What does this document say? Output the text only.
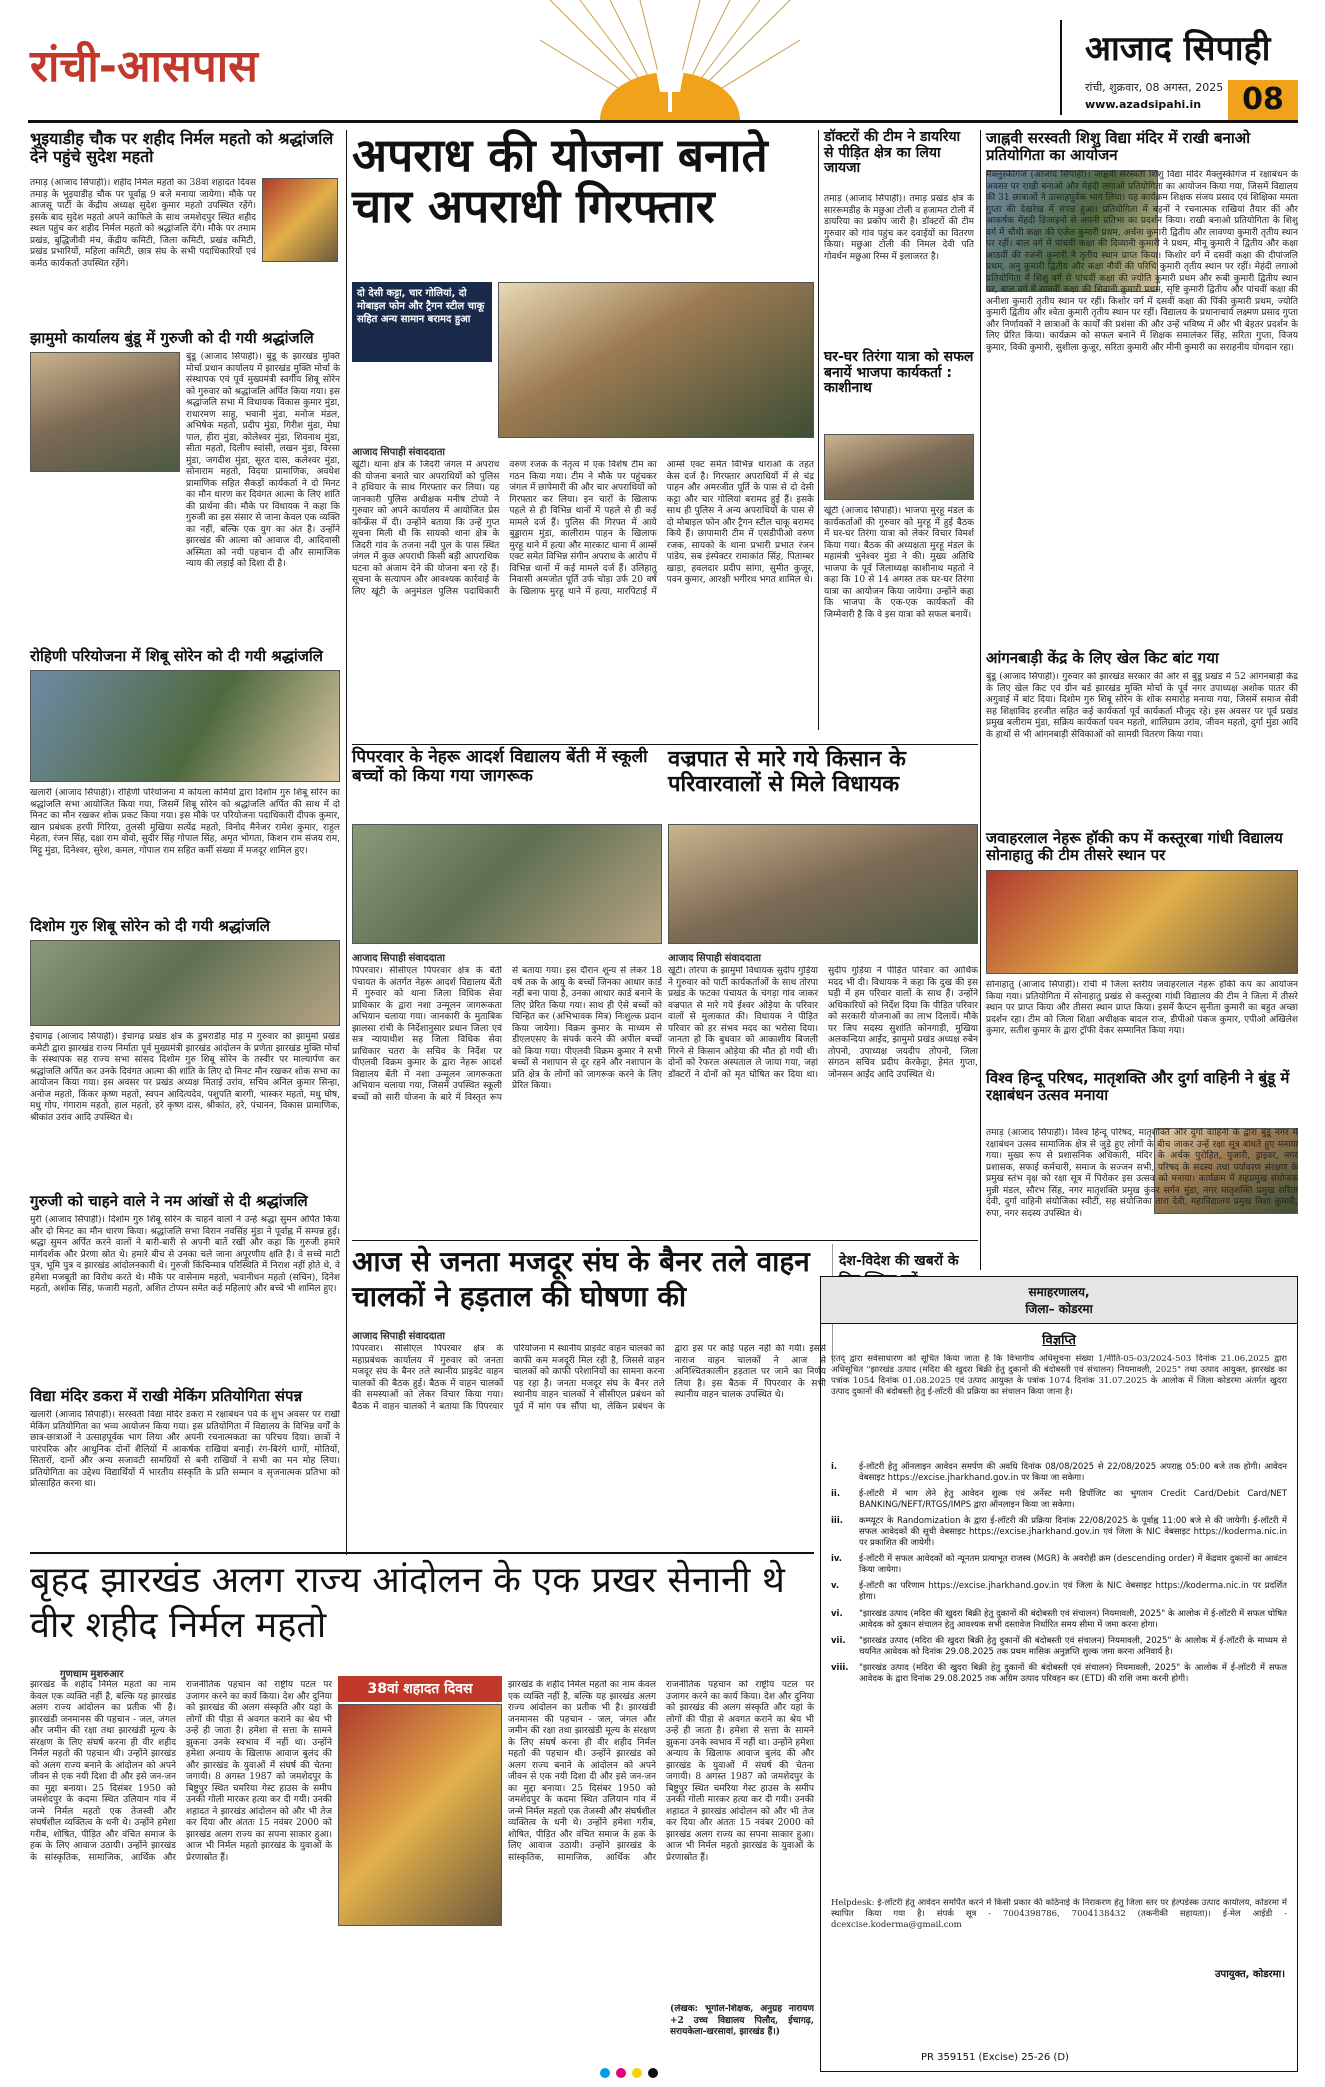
रांची-आसपास	आजाद सिपाही
रांची, शुक्रवार, 08 अगस्त, 2025
www.azadsipahi.in	08
भुइयाडीह चौक पर शहीद निर्मल महतो को श्रद्धांजलि देने पहुंचे सुदेश महतो
तमाड़ (आजाद सिपाही)। शहीद निर्मल महतो का 38वां शहादत दिवस तमाड़ के भुइयाडीह चौक पर पूर्वाह्न 9 बजे मनाया जायेगा। मौके पर आजसू पार्टी के केंद्रीय अध्यक्ष सुदेश कुमार महतो उपस्थित रहेंगे। इसके बाद सुदेश महतो अपने काफिले के साथ जमशेदपुर स्थित शहीद स्थल पहुंच कर शहीद निर्मल महतो को श्रद्धांजलि देंगे। मौके पर तमाम प्रखंड, बुद्धिजीवी मंच, केंद्रीय कमिटी, जिला कमिटी, प्रखंड कमिटी, प्रखंड प्रभारियों, महिला कमिटी, छात्र संघ के सभी पदाधिकारियों एवं कर्मठ कार्यकर्ता उपस्थित रहेंगे।
झामुमो कार्यालय बुंडू में गुरुजी को दी गयी श्रद्धांजलि
बुंडू (आजाद सिपाही)। बुंडू के झारखंड मुक्ति मोर्चा प्रधान कार्यालय में झारखंड मुक्ति मोर्चा के संस्थापक एवं पूर्व मुख्यमंत्री स्वर्गीय शिबू सोरेन को गुरुवार को श्रद्धांजलि अर्पित किया गया। इस श्रद्धांजलि सभा में विधायक विकास कुमार मुंडा, राधारमण साहू, भवानी मुंडा, मनोज मंडल, अभिषेक महतो, प्रदीप मुंडा, गिरीश मुंडा, मेघा पाल, हीरा मुंडा, कोलेश्वर मुंडा, शिवनाथ मुंडा, सीता महतो, दिलीप स्वांसी, लखन मुंडा, विरसा मुंडा, जगदीश मुंडा, सूरत दास, कलेश्वर मुंडा, सोनाराम महतो, विदया प्रामाणिक, अवधेश प्रामाणिक सहित सैकड़ों कार्यकर्ता ने दो मिनट का मौन धारण कर दिवंगत आत्मा के लिए शांति की प्रार्थना की। मौके पर विधायक ने कहा कि गुरुजी का इस संसार से जाना केवल एक व्यक्ति का नहीं, बल्कि एक युग का अंत है। उन्होंने झारखंड की आत्मा को आवाज दी, आदिवासी अस्मिता को नयी पहचान दी और सामाजिक न्याय की लड़ाई को दिशा दी है।
रोहिणी परियोजना में शिबू सोरेन को दी गयी श्रद्धांजलि
खलारी (आजाद सिपाही)। रोहिणी परियोजना में कोयला कर्मियों द्वारा दिशोम गुरु शिबू सोरेन का श्रद्धांजलि सभा आयोजित किया गया, जिसमें शिबू सोरेन को श्रद्धांजलि अर्पित की साथ में दो मिनट का मौन रखकर शोक प्रकट किया गया। इस मौके पर परियोजना पदाधिकारी दीपक कुमार, खान प्रबंधक हरपी गिरिया, तुलसी मुखिया सत्येंद्र महतो, विनोद मैनेजर रामेश कुमार, राहुल मेहता, रंजन सिंह, दक्षा राम वोवो, सुदीर सिंह गोपाल सिंह, अमृत भोगता, किशन राम संजय राम, मिट्टू मुंडा, दिनेश्वर, सुरेश, कमल, गोपाल राम सहित कर्मी संख्या में मजदूर शामिल हुए।
दिशोम गुरु शिबू सोरेन को दी गयी श्रद्धांजलि
ईचागढ़ (आजाद सिपाही)। ईचागढ़ प्रखंड क्षेत्र के डुमराडीह मोड़ में गुरुवार को झामुमो प्रखंड कमेटी द्वारा झारखंड राज्य निर्माता पूर्व मुख्यमंत्री झारखंड आंदोलन के प्रणेता झारखंड मुक्ति मोर्चा के संस्थापक सह राज्य सभा सांसद दिशोम गुरु शिबू सोरेन के तस्वीर पर माल्यार्पण कर श्रद्धांजलि अर्पित कर उनके दिवंगत आत्मा की शांति के लिए दो मिनट मौन रखकर शोक सभा का आयोजन किया गया। इस अवसर पर प्रखंड अध्यक्ष मिताई उरांव, सचिव अनिल कुमार सिन्हा, अनोज महतो, किंकर कृष्ण महतो, स्वपन आदित्यदेव, पशुपति बारगी, भास्कर महतो, मधु घोष, मधु गोप, गंगाराम महतो, हाल महतो, हरे कृष्ण दास, श्रीकांत, हरे, पंचानन, विकास प्रामाणिक, श्रीकांत उरांव आदि उपस्थित थे।
गुरुजी को चाहने वाले ने नम आंखों से दी श्रद्धांजलि
मुरी (आजाद सिपाही)। दिशोम गुरु शिबू सोरेन के चाहने वालों ने उन्हें श्रद्धा सुमन अर्पित किया और दो मिनट का मौन धारण किया। श्रद्धांजलि सभा विरान नवसिंह मुंडा ने पूर्वाह्न में सम्पन्न हुई। श्रद्धा सुमन अर्पित करने वालों ने बारी-बारी से अपनी बातें रखीं और कहा कि गुरुजी हमारे मार्गदर्शक और प्रेरणा स्रोत थे। हमारे बीच से उनका चले जाना अपूरणीय क्षति है। वे सच्चे माटी पुत्र, भूमि पुत्र व झारखंड आंदोलनकारी थे। गुरुजी किंचिन्मात्र परिस्थिति में निराश नहीं होते थे, वे हमेशा मजबूती का विरोध करते थे। मौके पर वासेनाम महतो, भवानीधन महतो (सचिन), दिनेश महतो, अशोक सिंह, फजारी महतो, अशित टोप्पन समेत कई महिलाएं और बच्चे भी शामिल हुए।
विद्या मंदिर डकरा में राखी मेकिंग प्रतियोगिता संपन्न
खलारी (आजाद सिपाही)। सरस्वती विद्या मंदिर डकरा में रक्षाबंधन पर्व के शुभ अवसर पर राखी मेकिंग प्रतियोगिता का भव्य आयोजन किया गया। इस प्रतियोगिता में विद्यालय के विभिन्न वर्गों के छात्र-छात्राओं ने उत्साहपूर्वक भाग लिया और अपनी रचनात्मकता का परिचय दिया। छात्रों ने पारंपरिक और आधुनिक दोनों शैलियों में आकर्षक राखियां बनाईं। रंग-बिरंगे धागों, मोतियों, सितारों, दानों और अन्य सजावटी सामग्रियों से बनी राखियों ने सभी का मन मोह लिया। प्रतियोगिता का उद्देश्य विद्यार्थियों में भारतीय संस्कृति के प्रति सम्मान व सृजनात्मक प्रतिभा को प्रोत्साहित करना था।
अपराध की योजना बनाते चार अपराधी गिरफ्तार
दो देसी कट्टा, चार गोलियां, दो मोबाइल फोन और ट्रैगन स्टील चाकू सहित अन्य सामान बरामद हुआ
आजाद सिपाही संवाददाता
खूंटी। थाना क्षेत्र के जिदरी जंगल में अपराध की योजना बनाते चार अपराधियों को पुलिस ने हथियार के साथ गिरफ्तार कर लिया। यह जानकारी पुलिस अधीक्षक मनीष टोप्पो ने गुरुवार को अपने कार्यालय में आयोजित प्रेस कॉन्फ्रेंस में दी। उन्होंने बताया कि उन्हें गुप्त सूचना मिली थी कि सायको थाना क्षेत्र के जिदरी गांव के तजना नदी पुल के पास स्थित जंगल में कुछ अपराधी किसी बड़ी आपराधिक घटना को अंजाम देने की योजना बना रहे हैं। सूचना के सत्यापन और आवश्यक कार्रवाई के लिए खूंटी के अनुमंडल पुलिस पदाधिकारी वरुण रजक के नेतृत्व में एक विशेष टीम का गठन किया गया। टीम ने मौके पर पहुंचकर जंगल में छापेमारी की और चार अपराधियों को गिरफ्तार कर लिया। इन चारों के खिलाफ पहले से ही विभिन्न थानों में पहले से ही कई मामले दर्ज हैं। पुलिस की गिरफ्त में आये बुड्डाराम मुंडा, कालीराम पाहन के खिलाफ मुरहू थाने में हत्या और मारकाट थाना में आर्म्स एक्ट समेत विभिन्न संगीन अपराध के आरोप में विभिन्न थानों में कई मामले दर्ज हैं। उलिहातु निवासी अमजोत पूर्ति उर्फ चोड़ा उर्फ 20 वर्ष के खिलाफ मुरहू थाने में हत्या, मारपिटाई में आर्म्स एक्ट समेत विभिन्न धाराओं के तहत केस दर्ज है। गिरफ्तार अपराधियों में से चंद्र पाहन और अमरजीत पूर्ति के पास से दो देसी कट्टा और चार गोलियां बरामद हुई हैं। इसके साथ ही पुलिस ने अन्य अपराधियों के पास से दो मोबाइल फोन और ट्रैगन स्टील चाकू बरामद किये हैं। छापामारी टीम में एसडीपीओ वरुण रजक, सायको के थाना प्रभारी प्रभात रंजन पांडेय, सब इंस्पेक्टर रामाकांत सिंह, पिताम्बर खाड़ा, हवलदार प्रदीप सांगा, सुमीत कुजूर, पवन कुमार, आरक्षी भगीरथ भगत शामिल थे।
डॉक्टरों की टीम ने डायरिया से पीड़ित क्षेत्र का लिया जायजा
तमाड़ (आजाद सिपाही)। तमाड़ प्रखंड क्षेत्र के साररूमडीह के मछुआ टोली व हजामत टोली में डायरिया का प्रकोप जारी है। डॉक्टरों की टीम गुरुवार को गांव पहुंच कर दवाईयों का वितरण किया। मछुआ टोली की निमल देवी पति गोवर्धन मछुआ रिम्स में इलाजरत है।
घर-घर तिरंगा यात्रा को सफल बनायें भाजपा कार्यकर्ता : काशीनाथ
खूंटी (आजाद सिपाही)। भाजपा मुरहू मंडल के कार्यकर्ताओं की गुरुवार को मुरहू में हुई बैठक में घर-घर तिरंगा यात्रा को लेकर विचार विमर्श किया गया। बैठक की अध्यक्षता मुरहू मंडल के महामंत्री भुनेश्वर मुंडा ने की। मुख्य अतिथि भाजपा के पूर्व जिलाध्यक्ष काशीनाथ महतो ने कहा कि 10 से 14 अगस्त तक घर-घर तिरंगा यात्रा का आयोजन किया जायेगा। उन्होंने कहा कि भाजपा के एक-एक कार्यकर्ता की जिम्मेवारी है कि वे इस यात्रा को सफल बनायें।
जाह्नवी सरस्वती शिशु विद्या मंदिर में राखी बनाओ प्रतियोगिता का आयोजन
मैक्लुस्कीगंज (आजाद सिपाही)। जाह्नवी सरस्वती शिशु विद्या मंदिर मैक्लुस्कीगंज में रक्षाबंधन के अवसर पर राखी बनाओ और मेहंदी लगाओ प्रतियोगिता का आयोजन किया गया, जिसमें विद्यालय की 31 छात्राओं ने उत्साहपूर्वक भाग लिया। यह कार्यक्रम शिक्षक संजय प्रसाद एवं शिक्षिका ममता गुप्ता की देखरेख में संपन्न हुआ। प्रतियोगिता में बहनों ने रचनात्मक राखियां तैयार कीं और आकर्षक मेंहदी डिजाइनों से अपनी प्रतिभा का प्रदर्शन किया। राखी बनाओ प्रतियोगिता के शिशु वर्ग में चौथी कक्षा की एंजेल कुमारी प्रथम, अर्चना कुमारी द्वितीय और लावण्या कुमारी तृतीय स्थान पर रहीं। बाल वर्ग में पांचवीं कक्षा की दिव्यानी कुमारी ने प्रथम, मीनू कुमारी ने द्वितीय और कक्षा आठवीं की रजनी कुमारी ने तृतीय स्थान प्राप्त किया। किशोर वर्ग में दसवीं कक्षा की दीपांजलि प्रथम, अनु कुमारी द्वितीय और कक्षा नौवीं की परिधि कुमारी तृतीय स्थान पर रहीं। मेहंदी लगाओ प्रतियोगिता में शिशु वर्ग से पांचवीं कक्षा की ज्योति कुमारी प्रथम और रूबी कुमारी द्वितीय स्थान पर, बाल वर्ग में सातवीं कक्षा की शिवानी कुमारी प्रथम, सृष्टि कुमारी द्वितीय और पांचवीं कक्षा की अनीशा कुमारी तृतीय स्थान पर रहीं। किशोर वर्ग में दसवीं कक्षा की पिंकी कुमारी प्रथम, ज्योति कुमारी द्वितीय और श्वेता कुमारी तृतीय स्थान पर रहीं। विद्यालय के प्रधानाचार्य लक्ष्मण प्रसाद गुप्ता और निर्णायकों ने छात्राओं के कार्यों की प्रशंसा की और उन्हें भविष्य में और भी बेहतर प्रदर्शन के लिए प्रेरित किया। कार्यक्रम को सफल बनाने में शिक्षक समालंकर सिंह, सरिता गुप्ता, विजय कुमार, विकी कुमारी, सुशीला कुजूर, सरिता कुमारी और मीनी कुमारी का सराहनीय योगदान रहा।
आंगनबाड़ी केंद्र के लिए खेल किट बांट गया
बुंडू (आजाद सिपाही)। गुरुवार को झारखंड सरकार की ओर से बुंडू प्रखंड में 52 आंगनबाड़ी केंद्र के लिए खेल किट एवं ग्रीन बर्ड झारखंड मुक्ति मोर्चा के पूर्व नगर उपाध्यक्ष अशोक पातर की अगुवाई में बांट दिया। दिशोम गुरु शिबू सोरेन के शोक समारोह मनाया गया, जिसमें समाज सेवी सह शिक्षाविद हरजीत सहित कई कार्यकर्ता पूर्व कार्यकर्ता मौजूद रहे। इस अवसर पर पूर्व प्रखंड प्रमुख बलीराम मुंडा, सक्रिय कार्यकर्ता पवन महतो, शालिग्राम उरांव, जीवन महतो, दुर्गा मुंडा आदि के हाथों से भी आंगनबाड़ी सेविकाओं को सामग्री वितरण किया गया।
जवाहरलाल नेहरू हॉकी कप में कस्तूरबा गांधी विद्यालय सोनाहातु की टीम तीसरे स्थान पर
सोनाहातु (आजाद सिपाही)। रांची में जिला स्तरीय जवाहरलाल नेहरू हॉकी कप का आयोजन किया गया। प्रतियोगिता में सोनाहातु प्रखंड से कस्तूरबा गांधी विद्यालय की टीम ने जिला में तीसरे स्थान पर प्राप्त किया और तीसरा स्थान प्राप्त किया। इसमें कैप्टन सुनीता कुमारी का बहुत अच्छा प्रदर्शन रहा। टीम को जिला शिक्षा अधीक्षक बादल राज, डीपीओ पंकज कुमार, एपीओ अखिलेश कुमार, सतीश कुमार के द्वारा ट्रॉफी देकर सम्मानित किया गया।
विश्व हिन्दू परिषद, मातृशक्ति और दुर्गा वाहिनी ने बुंडू में रक्षाबंधन उत्सव मनाया
तमाड़ (आजाद सिपाही)। विश्व हिन्दू परिषद, मातृशक्ति और दुर्गा वाहिनी के द्वारा बुंडू नगर में रक्षाबंधन उत्सव सामाजिक क्षेत्र से जुड़े हुए लोगों के बीच जाकर उन्हें रक्षा सूत्र बांधते हुए मनाया गया। मुख्य रूप से प्रशासनिक अधिकारी, मंदिर के अर्चक पुरोहित, पुजारी, ड्राइवर, नगर प्रशासक, सफाई कर्मचारी, समाज के सज्जन सभी, परिषद के सदस्य तथा पर्यावरण संरक्षण के प्रमुख स्तंभ वृक्ष को रक्षा सूत्र में पिरोकर इस उत्सव को मनाया। कार्यक्रम में सहप्रमुख संयोजक मुन्नी मंडल, सौरभ सिंह, नगर मातृशक्ति प्रमुख कुंवर सर्गन मुंडा, नगर मातृशक्ति प्रमुख सरिता देवी, दुर्गा वाहिनी संयोजिका स्वीटी, सह संयोजिका तारा देवी, महाविद्यालय प्रमुख निशा कुमारी, रुपा, नगर सदस्य उपस्थित थे।
पिपरवार के नेहरू आदर्श विद्यालय बेंती में स्कूली बच्चों को किया गया जागरूक
आजाद सिपाही संवाददाता
पिपरवार। सीसीएल पिपरवार क्षेत्र के बेंती पंचायत के अंतर्गत नेहरू आदर्श विद्यालय बेंती में गुरुवार को थाना जिला विधिक सेवा प्राधिकार के द्वारा नशा उन्मूलन जागरूकता अभियान चलाया गया। जानकारी के मुताबिक झालसा रांची के निर्देशानुसार प्रधान जिला एवं सत्र न्यायाधीश सह जिला विधिक सेवा प्राधिकार चतरा के सचिव के निर्देश पर पीएलवी विक्रम कुमार के द्वारा नेहरू आदर्श विद्यालय बेंती में नशा उन्मूलन जागरूकता अभियान चलाया गया, जिसमें उपस्थित स्कूली बच्चों को सारी योजना के बारे में विस्तृत रूप से बताया गया। इस दौरान शून्य से लेकर 18 वर्ष तक के आयु के बच्चों जिनका आधार कार्ड नहीं बना पाया है, उनका आधार कार्ड बनाने के लिए प्रेरित किया गया। साथ ही ऐसे बच्चों को चिन्हित कर (अभिभावक मित्र) निःशुल्क प्रदान किया जायेगा। विक्रम कुमार के माध्यम से डीएलएसए के संपर्क करने की अपील बच्चों को किया गया। पीएलवी विक्रम कुमार ने सभी बच्चों से नशापान से दूर रहने और नशापान के प्रति क्षेत्र के लोगों को जागरूक करने के लिए प्रेरित किया।
वज्रपात से मारे गये किसान के परिवारवालों से मिले विधायक
आजाद सिपाही संवाददाता
खूंटी। तोरपा के झामुमो विधायक सुदीप गुड़िया ने गुरुवार को पार्टी कार्यकर्ताओं के साथ तोरपा प्रखंड के फटका पंचायत के चंगड़ा गांव जाकर वज्रपात से मारे गये ईश्वर ओड़ेया के परिवार वालों से मुलाकात की। विधायक ने पीड़ित परिवार को हर संभव मदद का भरोसा दिया। जानता हो कि बुधवार को आकाशीय बिजली गिरने से किसान ओड़ेया की मौत हो गयी थी। दोनों को रेफरल अस्पताल ले जाया गया, जहां डॉक्टरों ने दोनों को मृत घोषित कर दिया था। सुदीप गुड़िया ने पीड़ित परिवार को आर्थिक मदद भी दी। विधायक ने कहा कि दुख की इस घड़ी में हम परिवार वालों के साथ हैं। उन्होंने अधिकारियों को निर्देश दिया कि पीड़ित परिवार को सरकारी योजनाओं का लाभ दिलायें। मौके पर जिप सदस्य सुशांति कोनगाड़ी, मुखिया अलकन्दिया आईंद, झामुमो प्रखंड अध्यक्ष रुबेन तोपनो, उपाध्यक्ष जयदीप तोपनो, जिला संगठन सचिव प्रदीप केरकेट्टा, हेमंत गुप्ता, जोनसन आईंद आदि उपस्थित थे।
आज से जनता मजदूर संघ के बैनर तले वाहन चालकों ने हड़ताल की घोषणा की
आजाद सिपाही संवाददाता
पिपरवार। सीसीएल पिपरवार क्षेत्र के महाप्रबंधक कार्यालय में गुरुवार को जनता मजदूर संघ के बैनर तले स्थानीय प्राइवेट वाहन चालकों की बैठक हुई। बैठक में वाहन चालकों की समस्याओं को लेकर विचार किया गया। बैठक में वाहन चालकों ने बताया कि पिपरवार परियोजना में स्थानीय प्राइवेट वाहन चालकों को काफी कम मजदूरी मिल रही है, जिससे वाहन चालकों को काफी परेशानियों का सामना करना पड़ रहा है। जनता मजदूर संघ के बैनर तले स्थानीय वाहन चालकों ने सीसीएल प्रबंधन को पूर्व में मांग पत्र सौंपा था, लेकिन प्रबंधन के द्वारा इस पर कोई पहल नहीं की गयी। इससे नाराज वाहन चालकों ने आज से अनिश्चितकालीन हड़ताल पर जाने का निर्णय लिया है। इस बैठक में पिपरवार के सभी स्थानीय वाहन चालक उपस्थित थे।
देश-विदेश की खबरों के
बृहद झारखंड अलग राज्य आंदोलन के एक प्रखर सेनानी थे वीर शहीद निर्मल महतो
गुणधाम मुशरुआर
38वां शहादत दिवस
झारखंड के शहीद निर्मल महतो का नाम केवल एक व्यक्ति नहीं है, बल्कि यह झारखंड अलग राज्य आंदोलन का प्रतीक भी है। झारखंडी जनमानस की पहचान - जल, जंगल और जमीन की रक्षा तथा झारखंडी मूल्य के संरक्षण के लिए संघर्ष करना ही वीर शहीद निर्मल महतो की पहचान थी। उन्होंने झारखंड को अलग राज्य बनाने के आंदोलन को अपने जीवन से एक नयी दिशा दी और इसे जन-जन का मुद्दा बनाया। 25 दिसंबर 1950 को जमशेदपुर के कदमा स्थित उलियान गांव में जन्मे निर्मल महतो एक तेजस्वी और संघर्षशील व्यक्तित्व के धनी थे। उन्होंने हमेशा गरीब, शोषित, पीड़ित और वंचित समाज के हक के लिए आवाज उठायी। उन्होंने झारखंड के सांस्कृतिक, सामाजिक, आर्थिक और राजनीतिक पहचान को राष्ट्रीय पटल पर उजागर करने का कार्य किया। देश और दुनिया को झारखंड की अलग संस्कृति और यहां के लोगों की पीड़ा से अवगत कराने का श्रेय भी उन्हें ही जाता है। हमेशा से सत्ता के सामने झुकना उनके स्वभाव में नहीं था। उन्होंने हमेशा अन्याय के खिलाफ आवाज बुलंद की और झारखंड के युवाओं में संघर्ष की चेतना जगायी। 8 अगस्त 1987 को जमशेदपुर के बिष्टुपुर स्थित चमरिया गेस्ट हाउस के समीप उनकी गोली मारकर हत्या कर दी गयी। उनकी शहादत ने झारखंड आंदोलन को और भी तेज कर दिया और अंततः 15 नवंबर 2000 को झारखंड अलग राज्य का सपना साकार हुआ। आज भी निर्मल महतो झारखंड के युवाओं के प्रेरणास्रोत हैं।
झारखंड के शहीद निर्मल महतो का नाम केवल एक व्यक्ति नहीं है, बल्कि यह झारखंड अलग राज्य आंदोलन का प्रतीक भी है। झारखंडी जनमानस की पहचान - जल, जंगल और जमीन की रक्षा तथा झारखंडी मूल्य के संरक्षण के लिए संघर्ष करना ही वीर शहीद निर्मल महतो की पहचान थी। उन्होंने झारखंड को अलग राज्य बनाने के आंदोलन को अपने जीवन से एक नयी दिशा दी और इसे जन-जन का मुद्दा बनाया। 25 दिसंबर 1950 को जमशेदपुर के कदमा स्थित उलियान गांव में जन्मे निर्मल महतो एक तेजस्वी और संघर्षशील व्यक्तित्व के धनी थे। उन्होंने हमेशा गरीब, शोषित, पीड़ित और वंचित समाज के हक के लिए आवाज उठायी। उन्होंने झारखंड के सांस्कृतिक, सामाजिक, आर्थिक और राजनीतिक पहचान को राष्ट्रीय पटल पर उजागर करने का कार्य किया। देश और दुनिया को झारखंड की अलग संस्कृति और यहां के लोगों की पीड़ा से अवगत कराने का श्रेय भी उन्हें ही जाता है। हमेशा से सत्ता के सामने झुकना उनके स्वभाव में नहीं था। उन्होंने हमेशा अन्याय के खिलाफ आवाज बुलंद की और झारखंड के युवाओं में संघर्ष की चेतना जगायी। 8 अगस्त 1987 को जमशेदपुर के बिष्टुपुर स्थित चमरिया गेस्ट हाउस के समीप उनकी गोली मारकर हत्या कर दी गयी। उनकी शहादत ने झारखंड आंदोलन को और भी तेज कर दिया और अंततः 15 नवंबर 2000 को झारखंड अलग राज्य का सपना साकार हुआ। आज भी निर्मल महतो झारखंड के युवाओं के प्रेरणास्रोत हैं।
(लेखक: भूगोल-शिक्षक, अनुग्रह नारायण +2 उच्च विद्यालय पिलौद, ईचागढ़, सरायकेला-खरसावां, झारखंड हैं।)
समाहरणालय,
जिला– कोडरमा
विज्ञप्ति
एतद् द्वारा सर्वसाधारण को सूचित किया जाता है कि विभागीय अधिसूचना संख्या 1/नीति-05-03/2024-503 दिनांक 21.06.2025 द्वारा अधिसूचित "झारखंड उत्पाद (मदिरा की खुदरा बिक्री हेतु दुकानों की बंदोबस्ती एवं संचालन) नियमावली, 2025" तथा उत्पाद आयुक्त, झारखंड का पत्रांक 1054 दिनांक 01.08.2025 एवं उत्पाद आयुक्त के पत्रांक 1074 दिनांक 31.07.2025 के आलोक में जिला कोडरमा अंतर्गत खुदरा उत्पाद दुकानों की बंदोबस्ती हेतु ई-लॉटरी की प्रक्रिया का संचालन किया जाना है।
i.	ई-लॉटरी हेतु ऑनलाइन आवेदन समर्पण की अवधि दिनांक 08/08/2025 से 22/08/2025 अपराह्न 05:00 बजे तक होगी। आवेदन वेबसाइट https://excise.jharkhand.gov.in पर किया जा सकेगा।
ii.	ई-लॉटरी में भाग लेने हेतु आवेदन शुल्क एवं अर्नेस्ट मनी डिपॉजिट का भुगतान Credit Card/Debit Card/NET BANKING/NEFT/RTGS/IMPS द्वारा ऑनलाइन किया जा सकेगा।
iii.	कम्प्यूटर के Randomization के द्वारा ई-लॉटरी की प्रक्रिया दिनांक 22/08/2025 के पूर्वाह्न 11:00 बजे से की जायेगी। ई-लॉटरी में सफल आवेदकों की सूची वेबसाइट https://excise.jharkhand.gov.in एवं जिला के NIC वेबसाइट https://koderma.nic.in पर प्रकाशित की जायेगी।
iv.	ई-लॉटरी में सफल आवेदकों को न्यूनतम प्रत्याभूत राजस्व (MGR) के अवरोही क्रम (descending order) में केंद्रवार दुकानों का आवंटन किया जायेगा।
v.	ई-लॉटरी का परिणाम https://excise.jharkhand.gov.in एवं जिला के NIC वेबसाइट https://koderma.nic.in पर प्रदर्शित होगा।
vi.	"झारखंड उत्पाद (मदिरा की खुदरा बिक्री हेतु दुकानों की बंदोबस्ती एवं संचालन) नियमावली, 2025" के आलोक में ई-लॉटरी में सफल घोषित आवेदक को दुकान संचालन हेतु आवश्यक सभी दस्तावेज निर्धारित समय सीमा में जमा करना होगा।
vii.	"झारखंड उत्पाद (मदिरा की खुदरा बिक्री हेतु दुकानों की बंदोबस्ती एवं संचालन) नियमावली, 2025" के आलोक में ई-लॉटरी के माध्यम से चयनित आवेदक को दिनांक 29.08.2025 तक प्रथम मासिक अनुज्ञप्ति शुल्क जमा करना अनिवार्य है।
viii.	"झारखंड उत्पाद (मदिरा की खुदरा बिक्री हेतु दुकानों की बंदोबस्ती एवं संचालन) नियमावली, 2025" के आलोक में ई-लॉटरी में सफल आवेदक के द्वारा दिनांक 29.08.2025 तक अग्रिम उत्पाद परिवहन कर (ETD) की राशि जमा करनी होगी।
Helpdesk: ई-लॉटरी हेतु आवेदन समर्पित करने में किसी प्रकार की कठिनाई के निराकरण हेतु जिला स्तर पर हेल्पडेस्क उत्पाद कार्यालय, कोडरमा में स्थापित किया गया है। संपर्क सूत्र - 7004398786, 7004138432 (तकनीकी सहायता)। ई-मेल आईडी - dcexcise.koderma@gmail.com
उपायुक्त, कोडरमा।
PR 359151 (Excise) 25-26 (D)
